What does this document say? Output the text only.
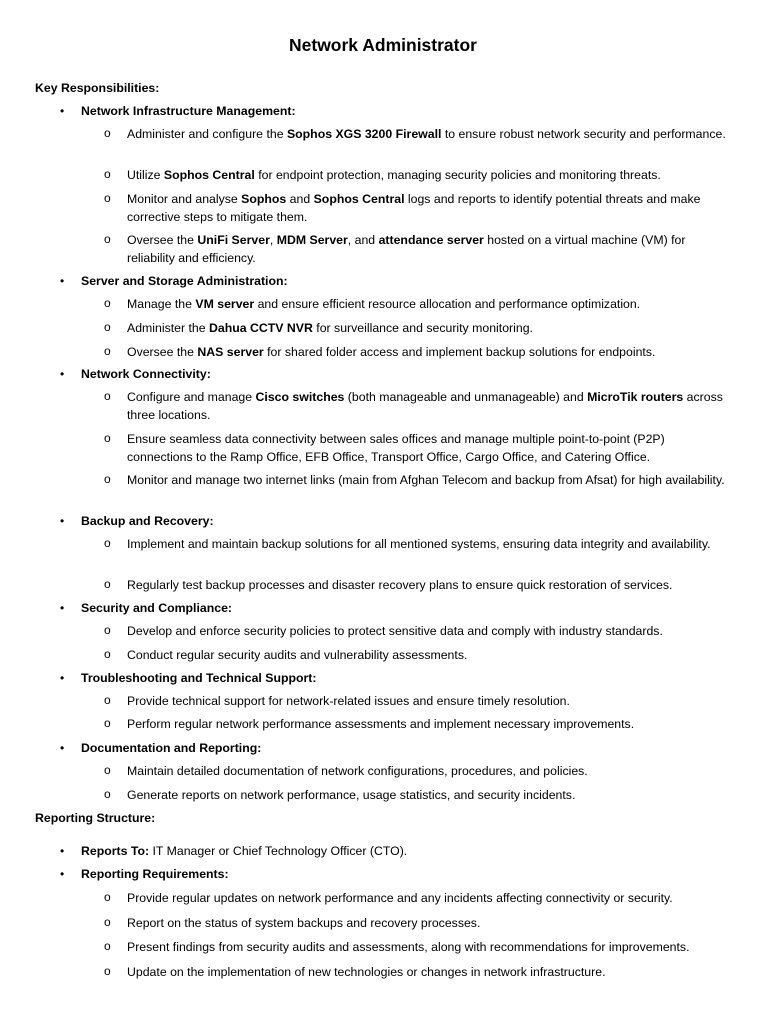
Network Administrator
Key Responsibilities:
•	Network Infrastructure Management:
o Administer and configure the Sophos XGS 3200 Firewall to ensure robust network security and performance.
o Utilize Sophos Central for endpoint protection, managing security policies and monitoring threats.
o Monitor and analyse Sophos and Sophos Central logs and reports to identify potential threats and make corrective steps to mitigate them.
o Oversee the UniFi Server, MDM Server, and attendance server hosted on a virtual machine (VM) for reliability and efficiency.
•	Server and Storage Administration:
o Manage the VM server and ensure efficient resource allocation and performance optimization.
o Administer the Dahua CCTV NVR for surveillance and security monitoring.
o Oversee the NAS server for shared folder access and implement backup solutions for endpoints.
•	Network Connectivity:
o Configure and manage Cisco switches (both manageable and unmanageable) and MicroTik routers across three locations.
o Ensure seamless data connectivity between sales offices and manage multiple point-to-point (P2P) connections to the Ramp Office, EFB Office, Transport Office, Cargo Office, and Catering Office.
o Monitor and manage two internet links (main from Afghan Telecom and backup from Afsat) for high availability.
•	Backup and Recovery:
o Implement and maintain backup solutions for all mentioned systems, ensuring data integrity and availability.
o Regularly test backup processes and disaster recovery plans to ensure quick restoration of services.
•	Security and Compliance:
o Develop and enforce security policies to protect sensitive data and comply with industry standards.
o Conduct regular security audits and vulnerability assessments.
•	Troubleshooting and Technical Support:
o Provide technical support for network-related issues and ensure timely resolution.
o Perform regular network performance assessments and implement necessary improvements.
•	Documentation and Reporting:
o Maintain detailed documentation of network configurations, procedures, and policies.
o Generate reports on network performance, usage statistics, and security incidents.
Reporting Structure:
•	Reports To: IT Manager or Chief Technology Officer (CTO).
•	Reporting Requirements:
o Provide regular updates on network performance and any incidents affecting connectivity or security.
o Report on the status of system backups and recovery processes.
o Present findings from security audits and assessments, along with recommendations for improvements.
o Update on the implementation of new technologies or changes in network infrastructure.
